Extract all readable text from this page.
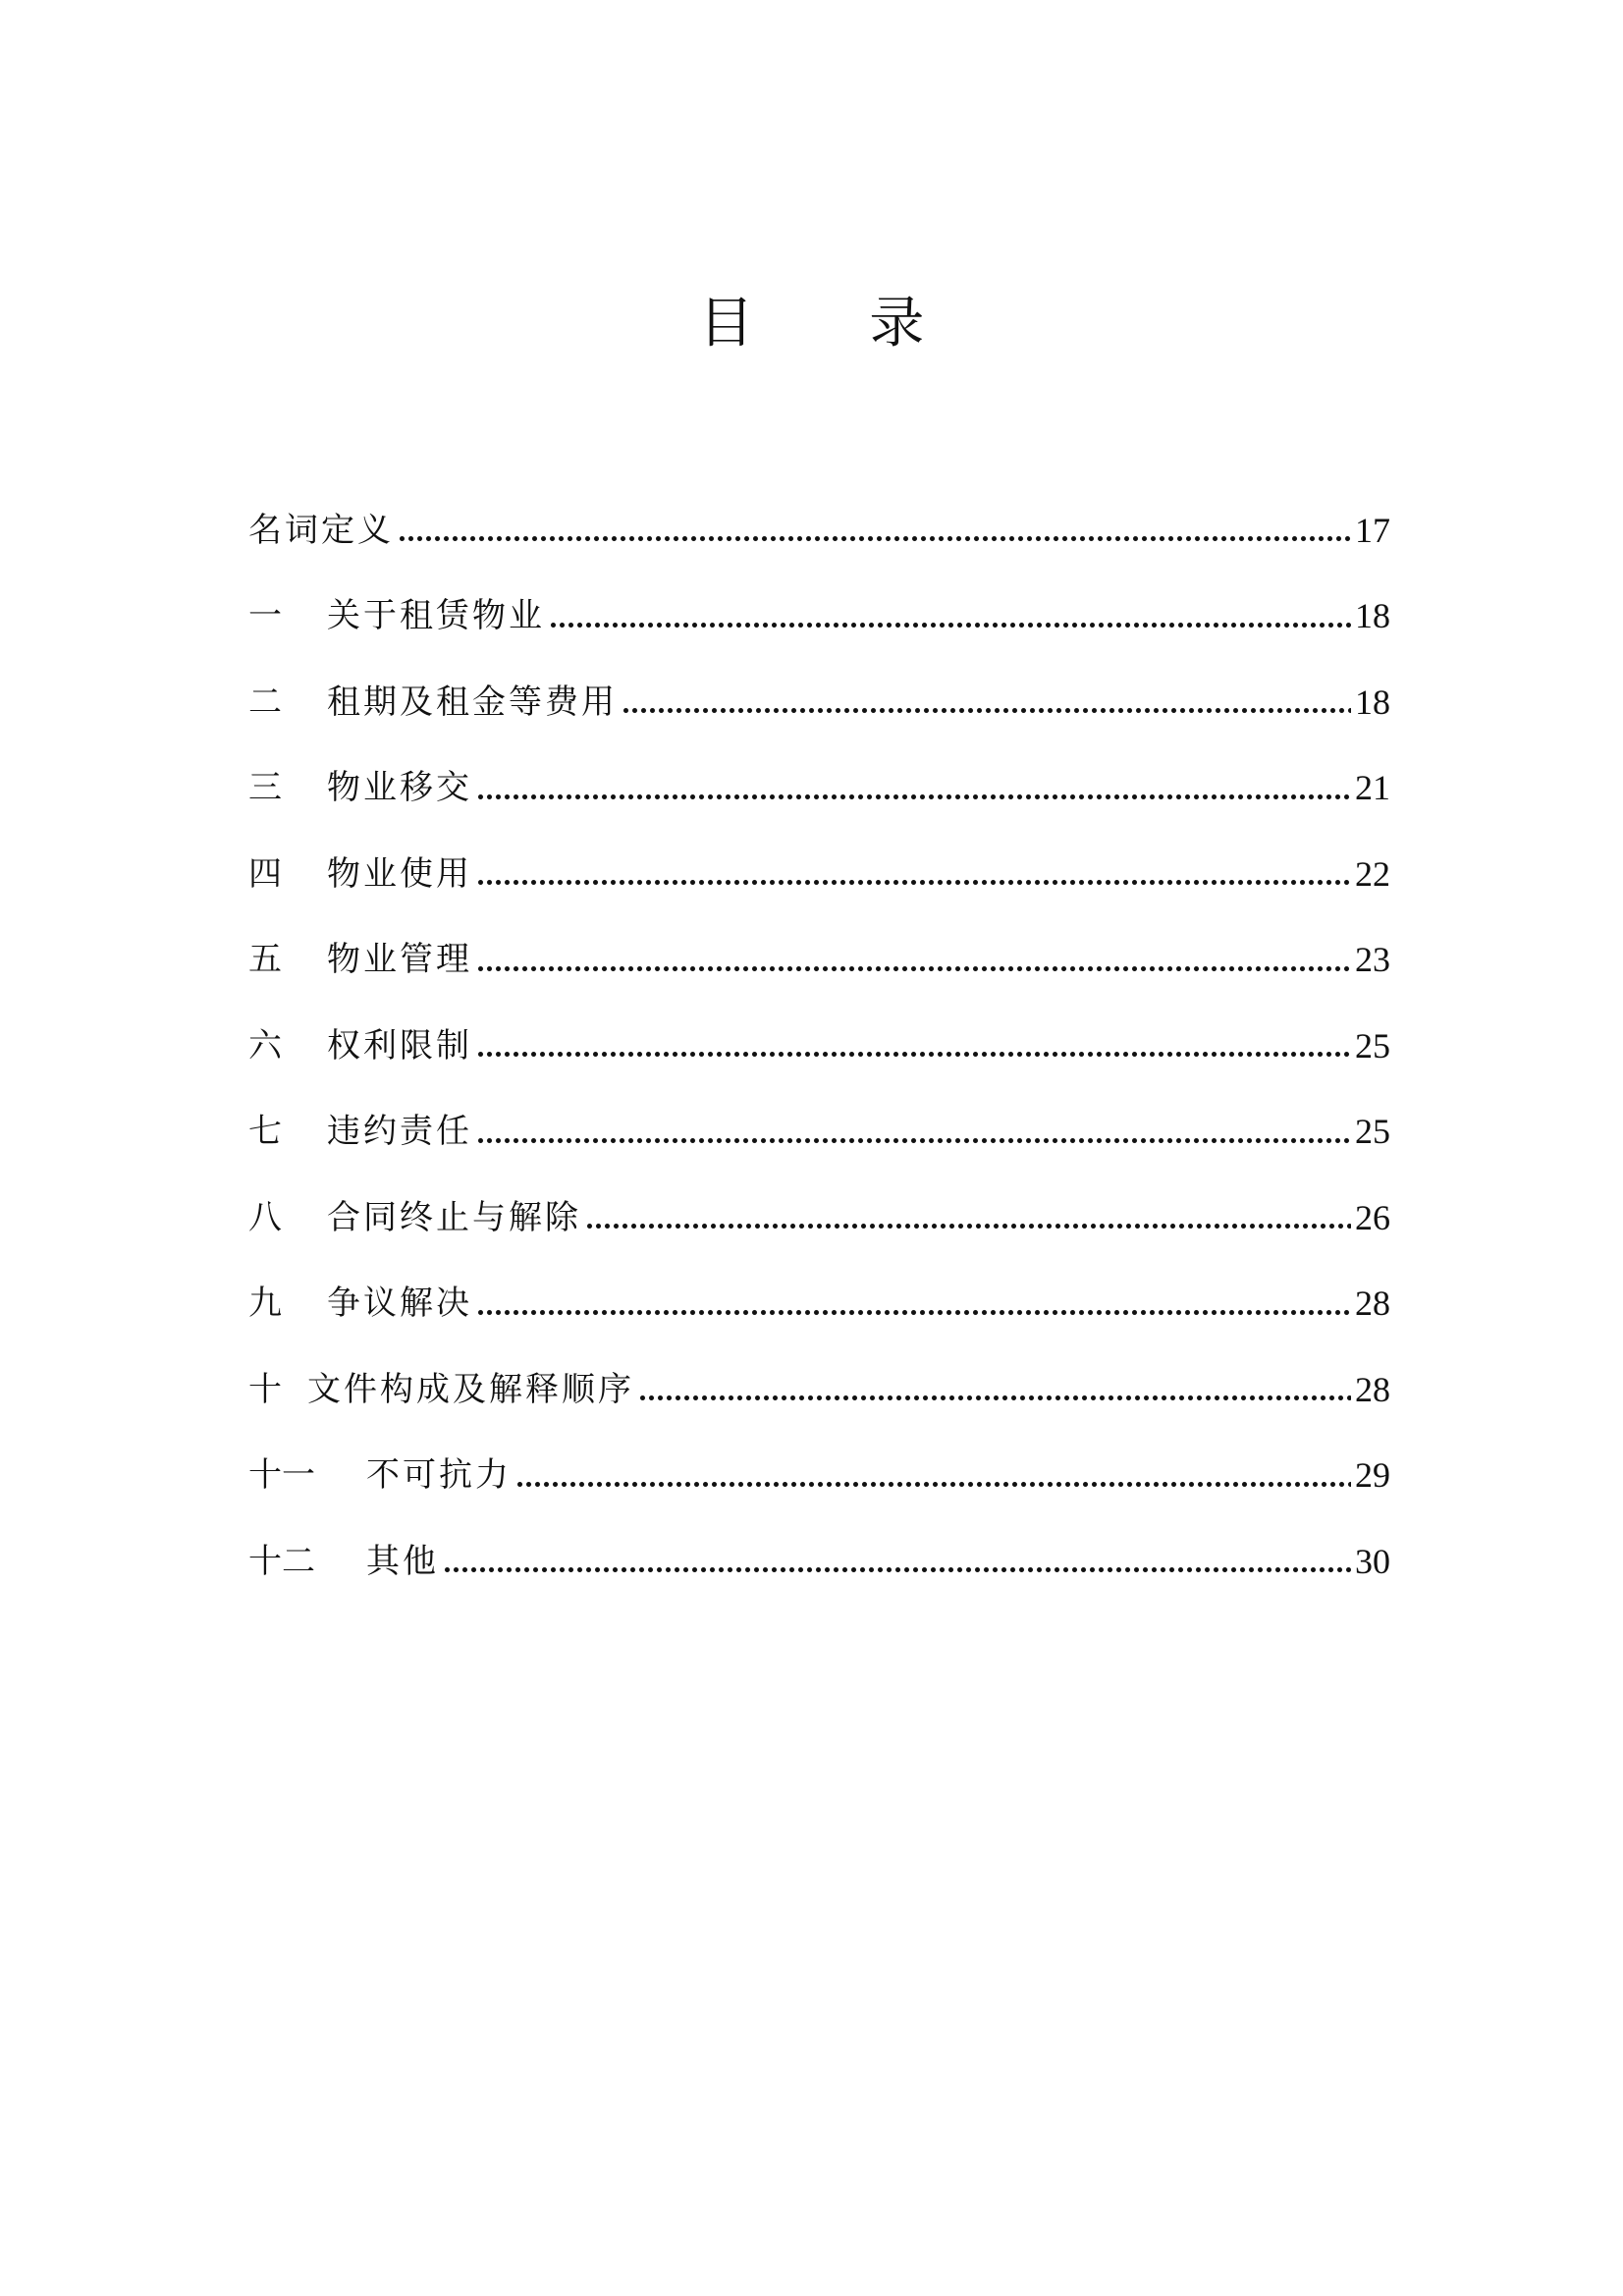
目 录
名词定义	17
一	关于租赁物业	18
二	租期及租金等费用	18
三	物业移交	21
四	物业使用	22
五	物业管理	23
六	权利限制	25
七	违约责任	25
八	合同终止与解除	26
九	争议解决	28
十 文件构成及解释顺序	28
十一	不可抗力	29
十二	其他	30
